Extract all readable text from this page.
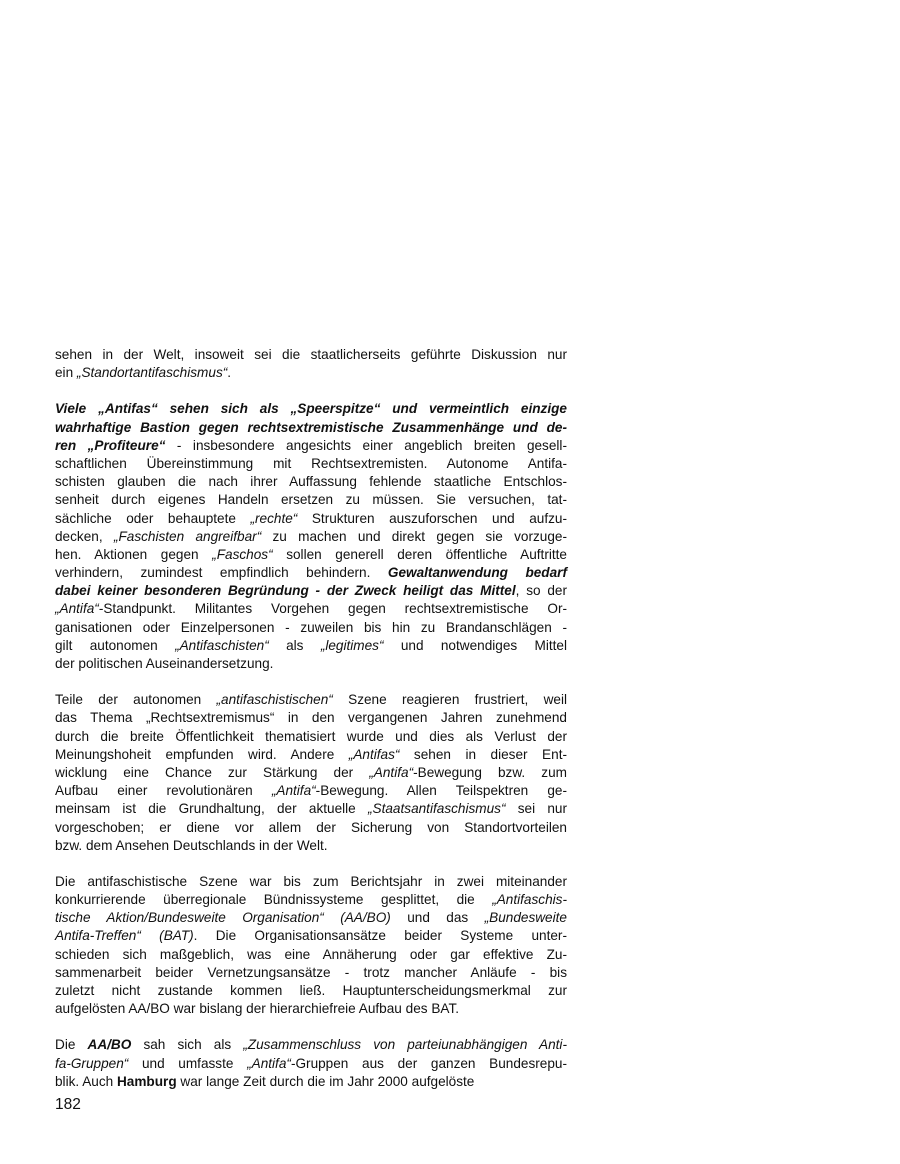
sehen in der Welt, insoweit sei die staatlicherseits geführte Diskussion nur
ein „Standortantifaschismus“.
Viele „Antifas“ sehen sich als „Speerspitze“ und vermeintlich einzige
wahrhaftige Bastion gegen rechtsextremistische Zusammenhänge und de-
ren „Profiteure“ - insbesondere angesichts einer angeblich breiten gesell-
schaftlichen Übereinstimmung mit Rechtsextremisten. Autonome Antifa-
schisten glauben die nach ihrer Auffassung fehlende staatliche Entschlos-
senheit durch eigenes Handeln ersetzen zu müssen. Sie versuchen, tat-
sächliche oder behauptete „rechte“ Strukturen auszuforschen und aufzu-
decken, „Faschisten angreifbar“ zu machen und direkt gegen sie vorzuge-
hen. Aktionen gegen „Faschos“ sollen generell deren öffentliche Auftritte
verhindern, zumindest empfindlich behindern. Gewaltanwendung bedarf
dabei keiner besonderen Begründung - der Zweck heiligt das Mittel, so der
„Antifa“-Standpunkt. Militantes Vorgehen gegen rechtsextremistische Or-
ganisationen oder Einzelpersonen - zuweilen bis hin zu Brandanschlägen -
gilt autonomen „Antifaschisten“ als „legitimes“ und notwendiges Mittel
der politischen Auseinandersetzung.
Teile der autonomen „antifaschistischen“ Szene reagieren frustriert, weil
das Thema „Rechtsextremismus“ in den vergangenen Jahren zunehmend
durch die breite Öffentlichkeit thematisiert wurde und dies als Verlust der
Meinungshoheit empfunden wird. Andere „Antifas“ sehen in dieser Ent-
wicklung eine Chance zur Stärkung der „Antifa“-Bewegung bzw. zum
Aufbau einer revolutionären „Antifa“-Bewegung. Allen Teilspektren ge-
meinsam ist die Grundhaltung, der aktuelle „Staatsantifaschismus“ sei nur
vorgeschoben; er diene vor allem der Sicherung von Standortvorteilen
bzw. dem Ansehen Deutschlands in der Welt.
Die antifaschistische Szene war bis zum Berichtsjahr in zwei miteinander
konkurrierende überregionale Bündnissysteme gesplittet, die „Antifaschis-
tische Aktion/Bundesweite Organisation“ (AA/BO) und das „Bundesweite
Antifa-Treffen“ (BAT). Die Organisationsansätze beider Systeme unter-
schieden sich maßgeblich, was eine Annäherung oder gar effektive Zu-
sammenarbeit beider Vernetzungsansätze - trotz mancher Anläufe - bis
zuletzt nicht zustande kommen ließ. Hauptunterscheidungsmerkmal zur
aufgelösten AA/BO war bislang der hierarchiefreie Aufbau des BAT.
Die AA/BO sah sich als „Zusammenschluss von parteiunabhängigen Anti-
fa-Gruppen“ und umfasste „Antifa“-Gruppen aus der ganzen Bundesrepu-
blik. Auch Hamburg war lange Zeit durch die im Jahr 2000 aufgelöste
182
